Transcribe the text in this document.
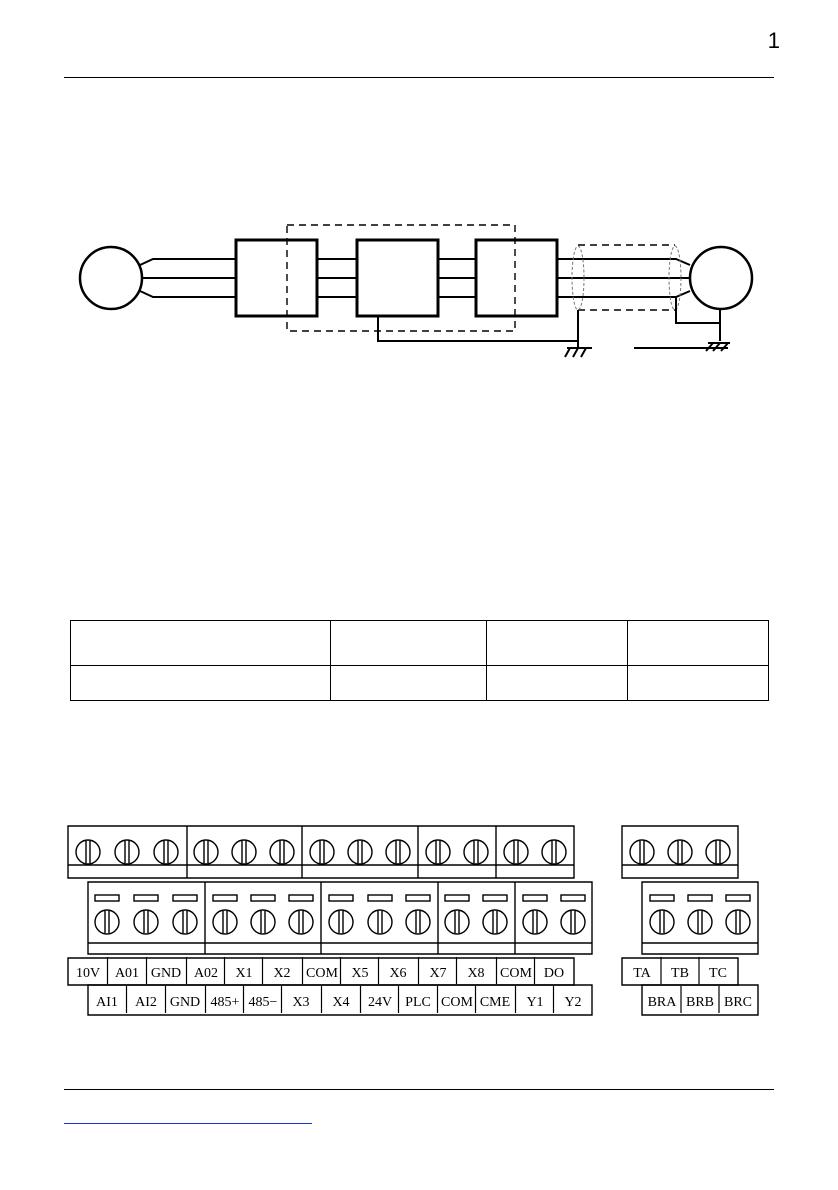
1

10V A01 GND A02 X1 X2 COM X5 X6 X7 X8 COM DO
AI1 AI2 GND 485+ 485− X3 X4 24V PLC COM CME Y1 Y2
TA TB TC
BRA BRB BRC
